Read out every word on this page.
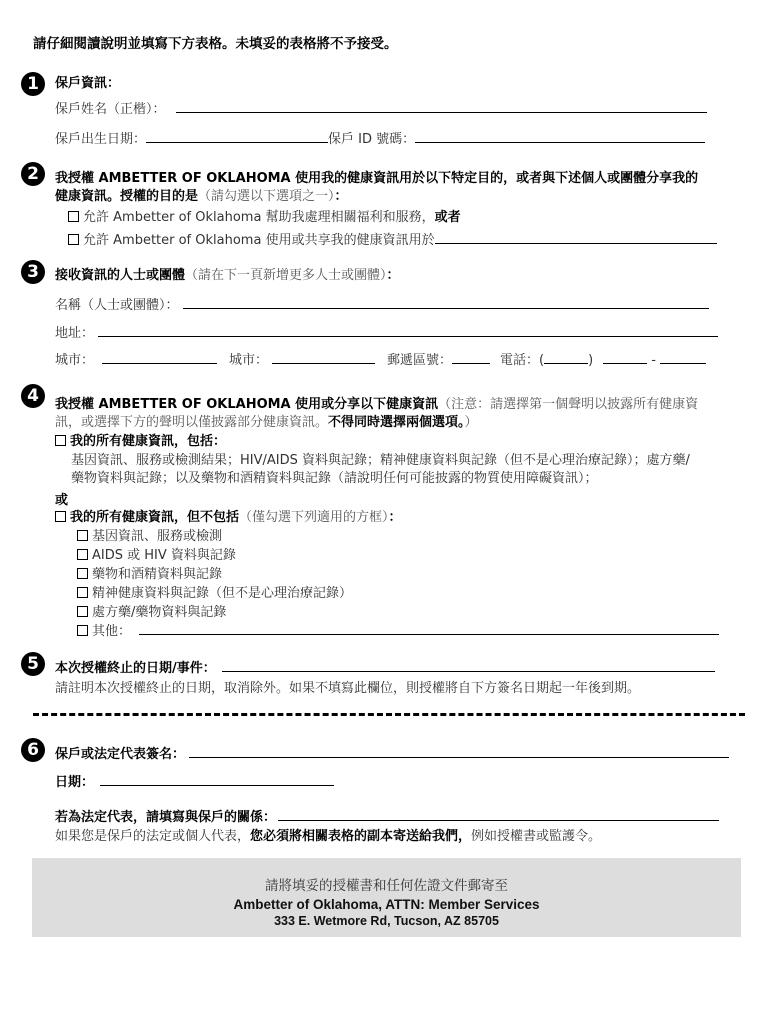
請仔細閱讀說明並填寫下方表格。未填妥的表格將不予接受。
1	保戶資訊：
保戶姓名（正楷）：
保戶出生日期：	保戶 ID 號碼：
2	我授權 AMBETTER OF OKLAHOMA 使用我的健康資訊用於以下特定目的，或者與下述個人或團體分享我的
健康資訊。授權的目的是（請勾選以下選項之一）：
允許 Ambetter of Oklahoma 幫助我處理相關福利和服務，或者
允許 Ambetter of Oklahoma 使用或共享我的健康資訊用於
3	接收資訊的人士或團體（請在下一頁新增更多人士或團體）：
名稱（人士或團體）：
地址：
城市：	城市：	郵遞區號：	電話：(	)	-
4	我授權 AMBETTER OF OKLAHOMA 使用或分享以下健康資訊（注意：請選擇第一個聲明以披露所有健康資
訊，或選擇下方的聲明以僅披露部分健康資訊。不得同時選擇兩個選項。）
我的所有健康資訊，包括：
基因資訊、服務或檢測結果；HIV/AIDS 資料與記錄；精神健康資料與記錄（但不是心理治療記錄）；處方藥/
藥物資料與記錄；以及藥物和酒精資料與記錄（請說明任何可能披露的物質使用障礙資訊）；
或
我的所有健康資訊，但不包括（僅勾選下列適用的方框）：
基因資訊、服務或檢測
AIDS 或 HIV 資料與記錄
藥物和酒精資料與記錄
精神健康資料與記錄（但不是心理治療記錄）
處方藥/藥物資料與記錄
其他：
5	本次授權終止的日期/事件：
請註明本次授權終止的日期，取消除外。如果不填寫此欄位，則授權將自下方簽名日期起一年後到期。
6	保戶或法定代表簽名：
日期：
若為法定代表，請填寫與保戶的關係：
如果您是保戶的法定或個人代表，您必須將相關表格的副本寄送給我們，例如授權書或監護令。
請將填妥的授權書和任何佐證文件郵寄至
Ambetter of Oklahoma, ATTN: Member Services
333 E. Wetmore Rd, Tucson, AZ 85705
